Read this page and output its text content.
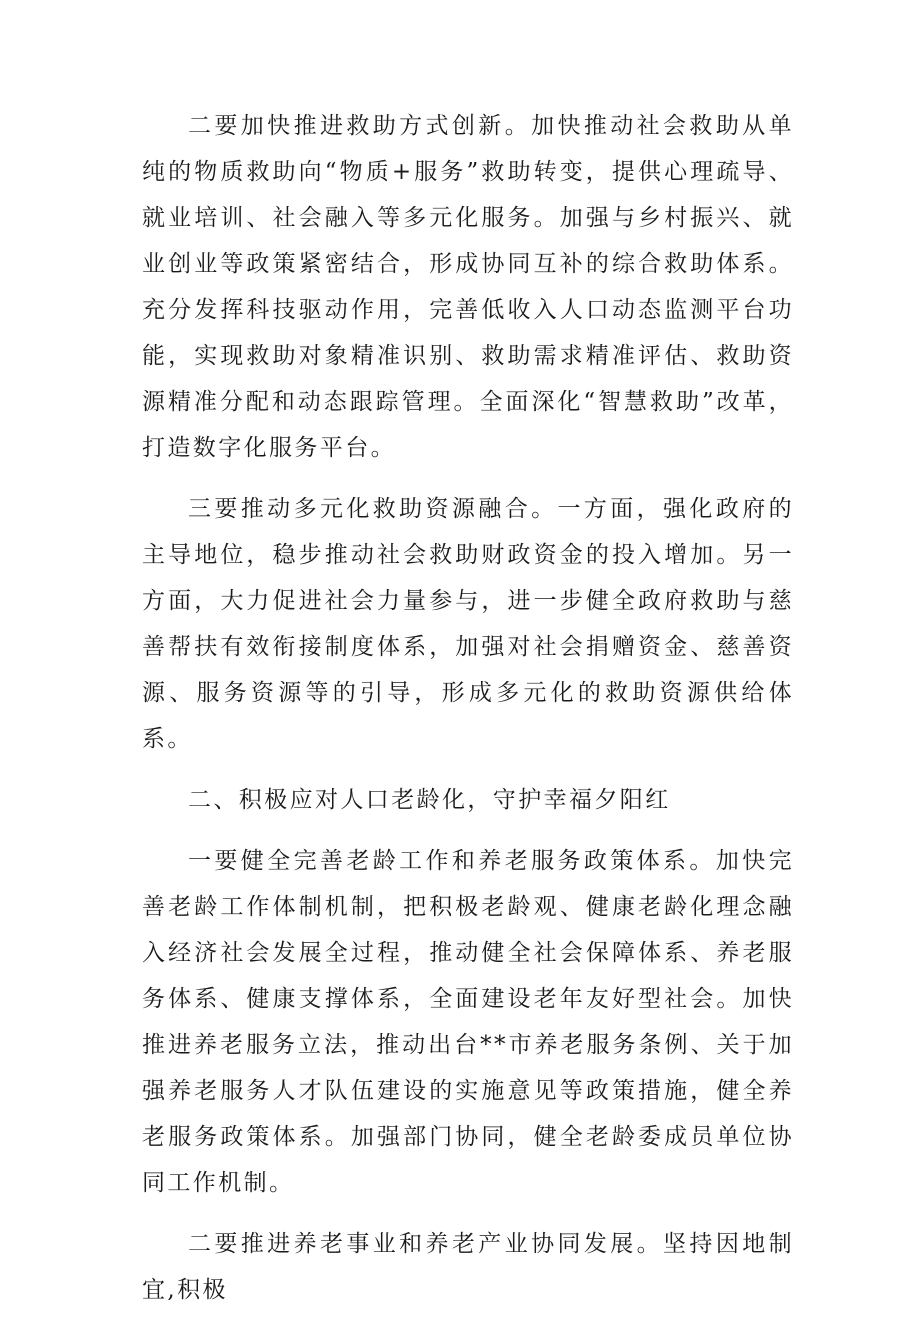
二要加快推进救助方式创新。加快推动社会救助从单纯的物质救助向“物质+服务”救助转变，提供心理疏导、就业培训、社会融入等多元化服务。加强与乡村振兴、就业创业等政策紧密结合，形成协同互补的综合救助体系。充分发挥科技驱动作用，完善低收入人口动态监测平台功能，实现救助对象精准识别、救助需求精准评估、救助资源精准分配和动态跟踪管理。全面深化“智慧救助”改革，打造数字化服务平台。

三要推动多元化救助资源融合。一方面，强化政府的主导地位，稳步推动社会救助财政资金的投入增加。另一方面，大力促进社会力量参与，进一步健全政府救助与慈善帮扶有效衔接制度体系，加强对社会捐赠资金、慈善资源、服务资源等的引导，形成多元化的救助资源供给体系。

二、积极应对人口老龄化，守护幸福夕阳红

一要健全完善老龄工作和养老服务政策体系。加快完善老龄工作体制机制，把积极老龄观、健康老龄化理念融入经济社会发展全过程，推动健全社会保障体系、养老服务体系、健康支撑体系，全面建设老年友好型社会。加快推进养老服务立法，推动出台**市养老服务条例、关于加强养老服务人才队伍建设的实施意见等政策措施，健全养老服务政策体系。加强部门协同，健全老龄委成员单位协同工作机制。

二要推进养老事业和养老产业协同发展。坚持因地制宜,积极
